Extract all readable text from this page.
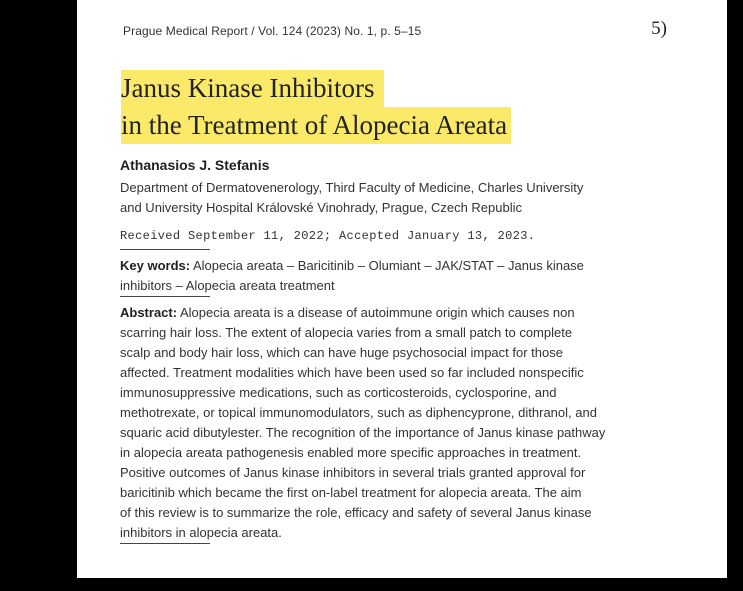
Prague Medical Report / Vol. 124 (2023) No. 1, p. 5–15	5)
Janus Kinase Inhibitors
in the Treatment of Alopecia Areata
Athanasios J. Stefanis
Department of Dermatovenerology, Third Faculty of Medicine, Charles University
and University Hospital Královské Vinohrady, Prague, Czech Republic
Received September 11, 2022; Accepted January 13, 2023.
Key words: Alopecia areata – Baricitinib – Olumiant – JAK/STAT – Janus kinase
inhibitors – Alopecia areata treatment
Abstract: Alopecia areata is a disease of autoimmune origin which causes non
scarring hair loss. The extent of alopecia varies from a small patch to complete
scalp and body hair loss, which can have huge psychosocial impact for those
affected. Treatment modalities which have been used so far included nonspecific
immunosuppressive medications, such as corticosteroids, cyclosporine, and
methotrexate, or topical immunomodulators, such as diphencyprone, dithranol, and
squaric acid dibutylester. The recognition of the importance of Janus kinase pathway
in alopecia areata pathogenesis enabled more specific approaches in treatment.
Positive outcomes of Janus kinase inhibitors in several trials granted approval for
baricitinib which became the first on-label treatment for alopecia areata. The aim
of this review is to summarize the role, efficacy and safety of several Janus kinase
inhibitors in alopecia areata.
